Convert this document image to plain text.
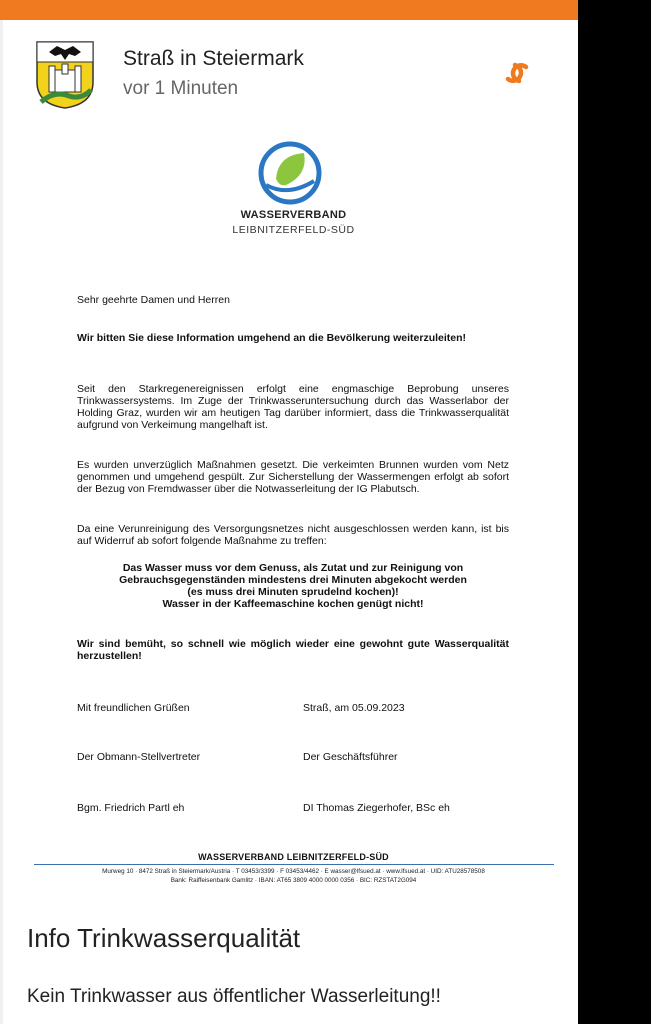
Straß in Steiermark
vor 1 Minuten
WASSERVERBAND
LEIBNITZERFELD-SÜD
Sehr geehrte Damen und Herren
Wir bitten Sie diese Information umgehend an die Bevölkerung weiterzuleiten!
Seit den Starkregenereignissen erfolgt eine engmaschige Beprobung unseres Trinkwassersystems. Im Zuge der Trinkwasseruntersuchung durch das Wasserlabor der Holding Graz, wurden wir am heutigen Tag darüber informiert, dass die Trinkwasserqualität aufgrund von Verkeimung mangelhaft ist.
Es wurden unverzüglich Maßnahmen gesetzt. Die verkeimten Brunnen wurden vom Netz genommen und umgehend gespült. Zur Sicherstellung der Wassermengen erfolgt ab sofort der Bezug von Fremdwasser über die Notwasserleitung der IG Plabutsch.
Da eine Verunreinigung des Versorgungsnetzes nicht ausgeschlossen werden kann, ist bis auf Widerruf ab sofort folgende Maßnahme zu treffen:
Das Wasser muss vor dem Genuss, als Zutat und zur Reinigung von
Gebrauchsgegenständen mindestens drei Minuten abgekocht werden
(es muss drei Minuten sprudelnd kochen)!
Wasser in der Kaffeemaschine kochen genügt nicht!
Wir sind bemüht, so schnell wie möglich wieder eine gewohnt gute Wasserqualität herzustellen!
Mit freundlichen Grüßen	Straß, am 05.09.2023
Der Obmann-Stellvertreter	Der Geschäftsführer
Bgm. Friedrich Partl eh	DI Thomas Ziegerhofer, BSc eh
WASSERVERBAND LEIBNITZERFELD-SÜD
Murweg 10 · 8472 Straß in Steiermark/Austria · T 03453/3399 · F 03453/4462 · E wasser@lfsued.at · www.lfsued.at · UID: ATU28578508
Bank: Raiffeisenbank Gamlitz · IBAN: AT65 3809 4000 0000 0356 · BIC: RZSTAT2G094
Info Trinkwasserqualität
Kein Trinkwasser aus öffentlicher Wasserleitung!!
